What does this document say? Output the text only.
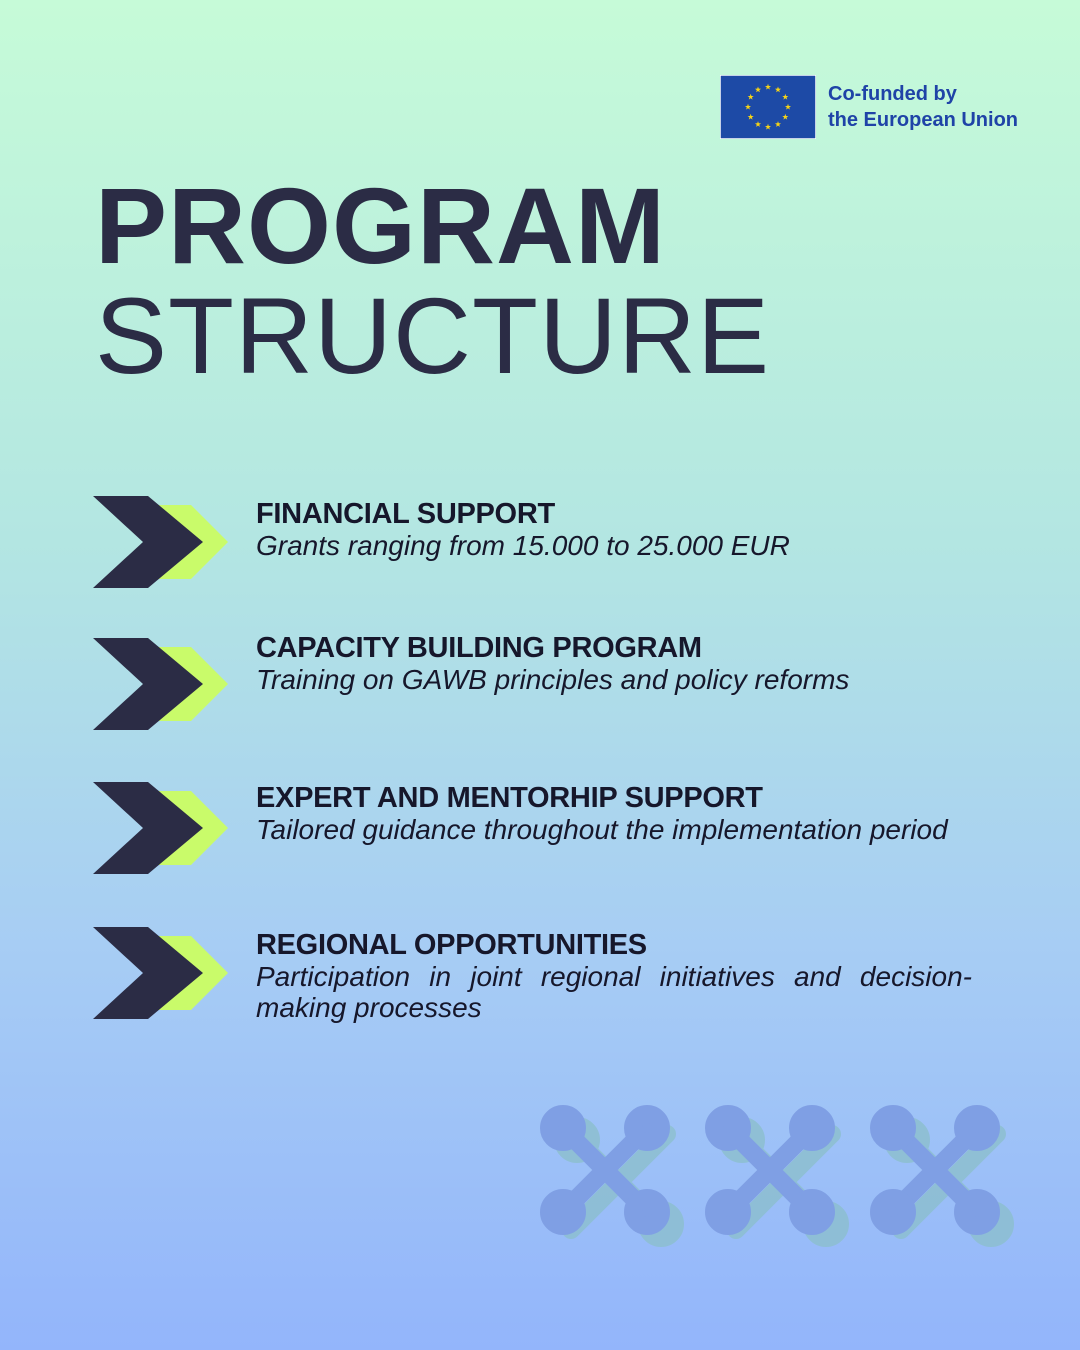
Co-funded by
the European Union
PROGRAM
STRUCTURE
FINANCIAL SUPPORT
Grants ranging from 15.000 to 25.000 EUR
CAPACITY BUILDING PROGRAM
Training on GAWB principles and policy reforms
EXPERT AND MENTORHIP SUPPORT
Tailored guidance throughout the implementation period
REGIONAL OPPORTUNITIES
Participation in joint regional initiatives and decision-making processes
